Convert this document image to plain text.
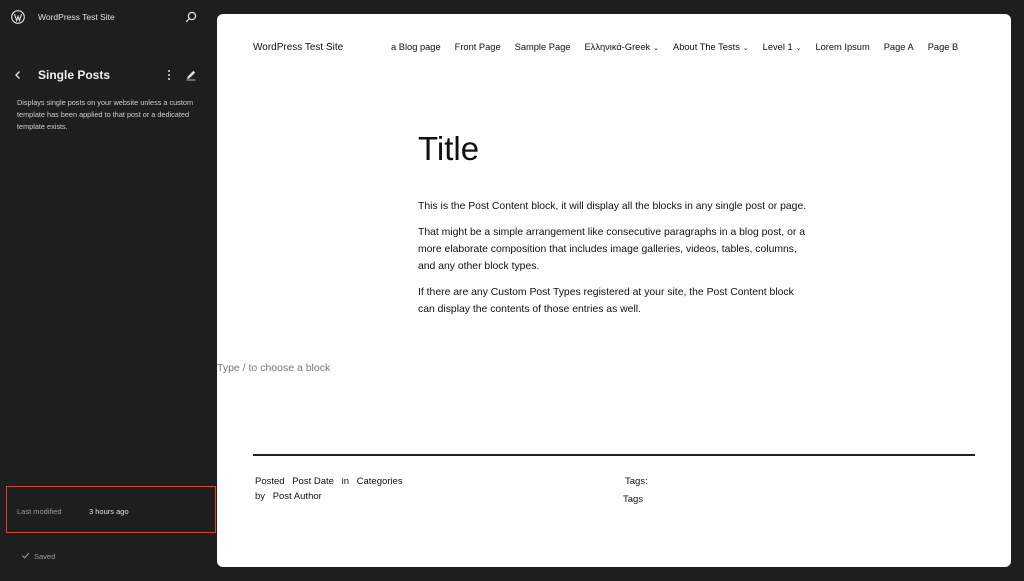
WordPress Test Site
Single Posts
Displays single posts on your website unless a custom template has been applied to that post or a dedicated template exists.
Last modified	3 hours ago
Saved
WordPress Test Site	a Blog page Front Page Sample Page Ελληνικά-Greek ⌄ About The Tests ⌄ Level 1 ⌄ Lorem Ipsum Page A Page B
Title

This is the Post Content block, it will display all the blocks in any single post or page.

That might be a simple arrangement like consecutive paragraphs in a blog post, or a more elaborate composition that includes image galleries, videos, tables, columns, and any other block types.

If there are any Custom Post Types registered at your site, the Post Content block can display the contents of those entries as well.

Type / to choose a block
Posted Post Date in Categories
by Post Author
Tags:
Tags
